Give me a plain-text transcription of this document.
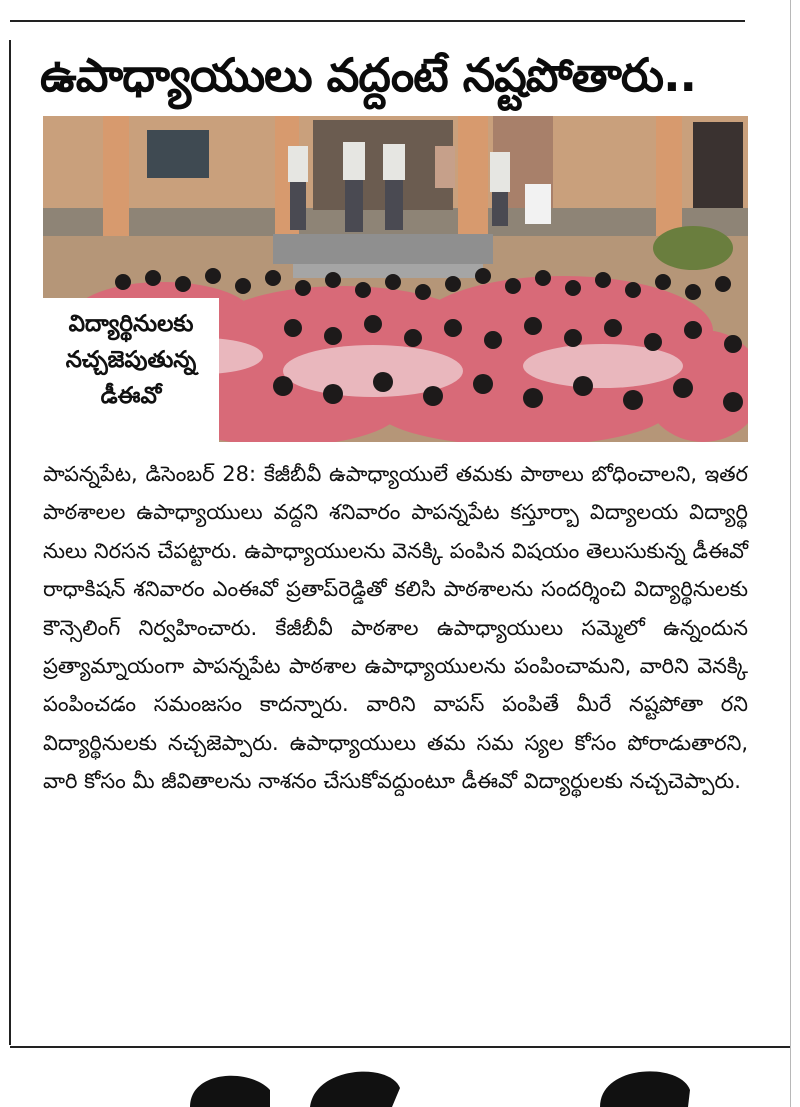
ఉపాధ్యాయులు వద్దంటే నష్టపోతారు..
విద్యార్థినులకు
నచ్చజెపుతున్న
డీఈవో
పాపన్నపేట, డిసెంబర్ 28: కేజీబీవీ ఉపాధ్యాయులే తమకు పాఠాలు బోధించాలని, ఇతర పాఠశాలల ఉపాధ్యాయులు వద్దని శనివారం పాపన్నపేట కస్తూర్బా విద్యాలయ విద్యార్థి నులు నిరసన చేపట్టారు. ఉపాధ్యాయులను వెనక్కి పంపిన విషయం తెలుసుకున్న డీఈవో రాధాకిషన్ శనివారం ఎంఈవో ప్రతాప్‌రెడ్డితో కలిసి పాఠశాలను సందర్శించి విద్యార్థినులకు కౌన్సెలింగ్ నిర్వహించారు. కేజీబీవీ పాఠశాల ఉపాధ్యాయులు సమ్మెలో ఉన్నందున ప్రత్యామ్నాయంగా పాపన్నపేట పాఠశాల ఉపాధ్యాయులను పంపించామని, వారిని వెనక్కి పంపించడం సమంజసం కాదన్నారు. వారిని వాపస్ పంపితే మీరే నష్టపోతా రని విద్యార్థినులకు నచ్చజెప్పారు. ఉపాధ్యాయులు తమ సమ స్యల కోసం పోరాడుతారని, వారి కోసం మీ జీవితాలను నాశనం చేసుకోవద్దుంటూ డీఈవో విద్యార్థులకు నచ్చచెప్పారు.
